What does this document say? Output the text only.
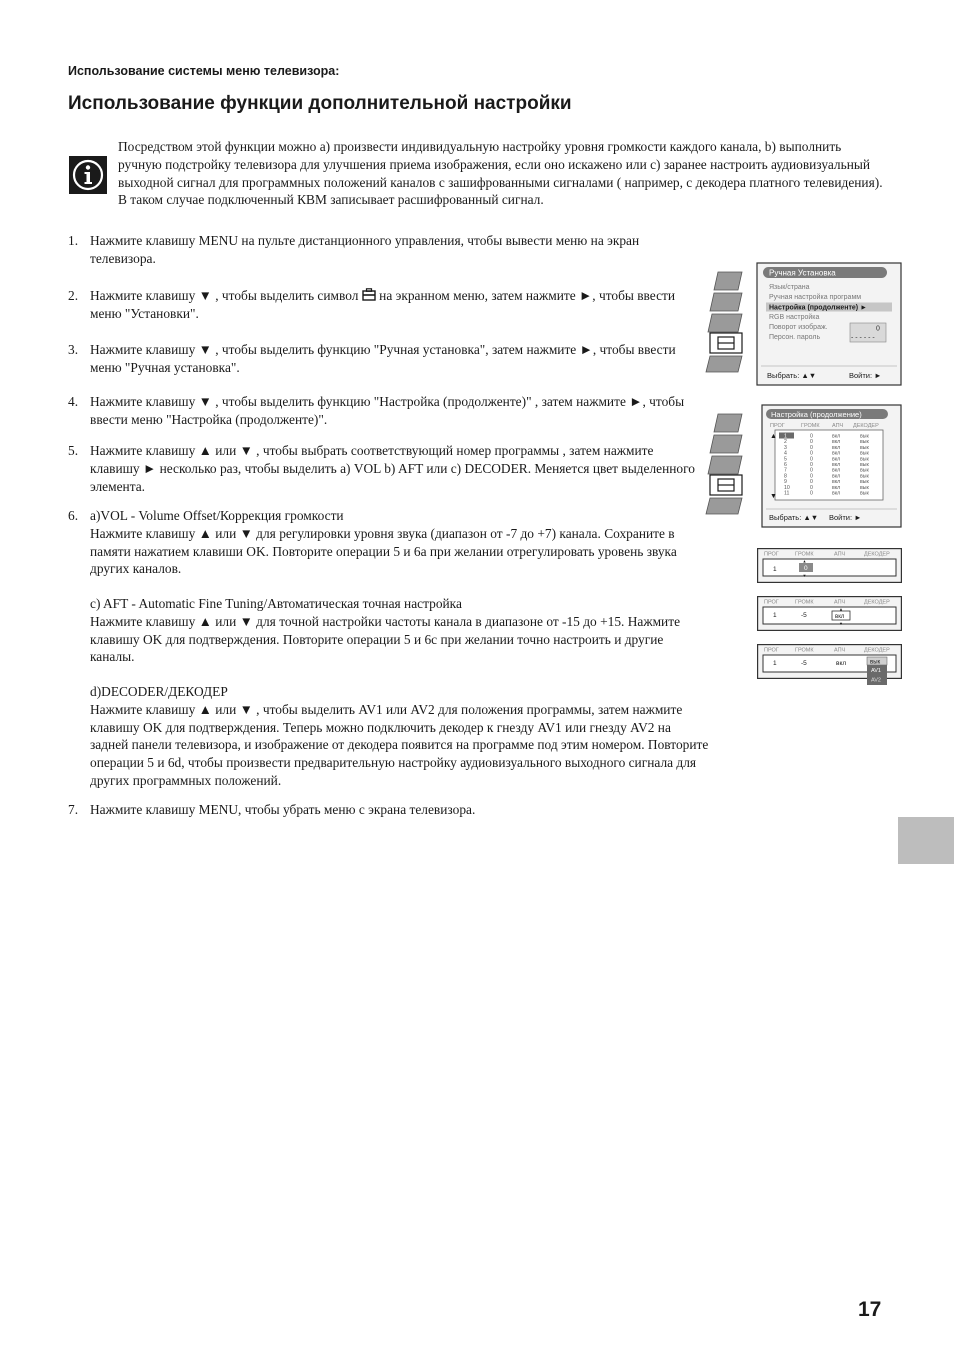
Использование системы меню телевизора:
Использование функции дополнительной настройки
Посредством этой функции можно а) произвести индивидуальную настройку уровня громкости каждого канала, b) выполнить ручную подстройку телевизора для улучшения приема изображения, если оно искажено или с) заранее настроить аудиовизуальный выходной сигнал для программных положений каналов с зашифрованными сигналами ( например, с декодера платного телевидения). В таком случае подключенный КВМ записывает расшифрованный сигнал.
1. Нажмите клавишу MENU на пульте дистанционного управления, чтобы вывести меню на экран телевизора.
2. Нажмите клавишу ▼ , чтобы выделить символ на экранном меню, затем нажмите ►, чтобы ввести меню "Установки".
3. Нажмите клавишу ▼ , чтобы выделить функцию "Ручная установка", затем нажмите ►, чтобы ввести меню "Ручная установка".
4. Нажмите клавишу ▼ , чтобы выделить функцию "Настройка (продолженте)" , затем нажмите ►, чтобы ввести меню "Настройка (продолженте)".
5. Нажмите клавишу ▲ или ▼ , чтобы выбрать соответствующий номер программы , затем нажмите клавишу ► несколько раз, чтобы выделить а) VOL b) AFT или с) DECODER. Меняется цвет выделенного элемента.
6. a)VOL - Volume Offset/Коррекция громкости
Нажмите клавишу ▲ или ▼ для регулировки уровня звука (диапазон от -7 до +7) канала. Сохраните в памяти нажатием клавиши OK. Повторите операции 5 и 6a при желании отрегулировать уровень звука других каналов.

c) AFT - Automatic Fine Tuning/Автоматическая точная настройка

Нажмите клавишу ▲ или ▼ для точной настройки частоты канала в диапазоне от -15 до +15. Нажмите клавишу OK для подтверждения. Повторите операции 5 и 6c при желании точно настроить и другие каналы.

d)DECODER/ДЕКОДЕР

Нажмите клавишу ▲ или ▼ , чтобы выделить AV1 или AV2 для положения программы, затем нажмите клавишу OK для подтверждения. Теперь можно подключить декодер к гнезду AV1 или гнезду AV2 на задней панели телевизора, и изображение от декодера появится на программе под этим номером. Повторите операции 5 и 6d, чтобы произвести предварительную настройку аудиовизуального выходного сигнала для других программных положений.

7. Нажмите клавишу MENU, чтобы убрать меню с экрана телевизора.
Ручная Установка
Язык/страна
Ручная настройка программ
Настройка (продолженте) ►
RGB настройка
Поворот изображ.
Персон. пароль
0
- - - - - -
Выбрать: ▲▼	Войти: ►
Настройка (продолжение)
ПРОГ	ГРОМК АПЧ ДЕКОДЕР
▲
▼
1	0	вкл	вык
2	0	вкл	вык
3	0	вкл	вык
4	0	вкл	вык
5	0	вкл	вык
6	0	вкл	вык
7	0	вкл	вык
8	0	вкл	вык
9	0	вкл	вык
10	0	вкл	вык
11	0	вкл	вык
Выбрать: ▲▼ Войти: ►
ПРОГ	ГРОМК	АПЧ	ДЕКОДЕР
1	0
▲
▼
ПРОГ	ГРОМК	АПЧ	ДЕКОДЕР
1	-5	вкл
▲
▼
ПРОГ	ГРОМК	АПЧ	ДЕКОДЕР
1	-5	вкл	вык
AV1
AV2
17
